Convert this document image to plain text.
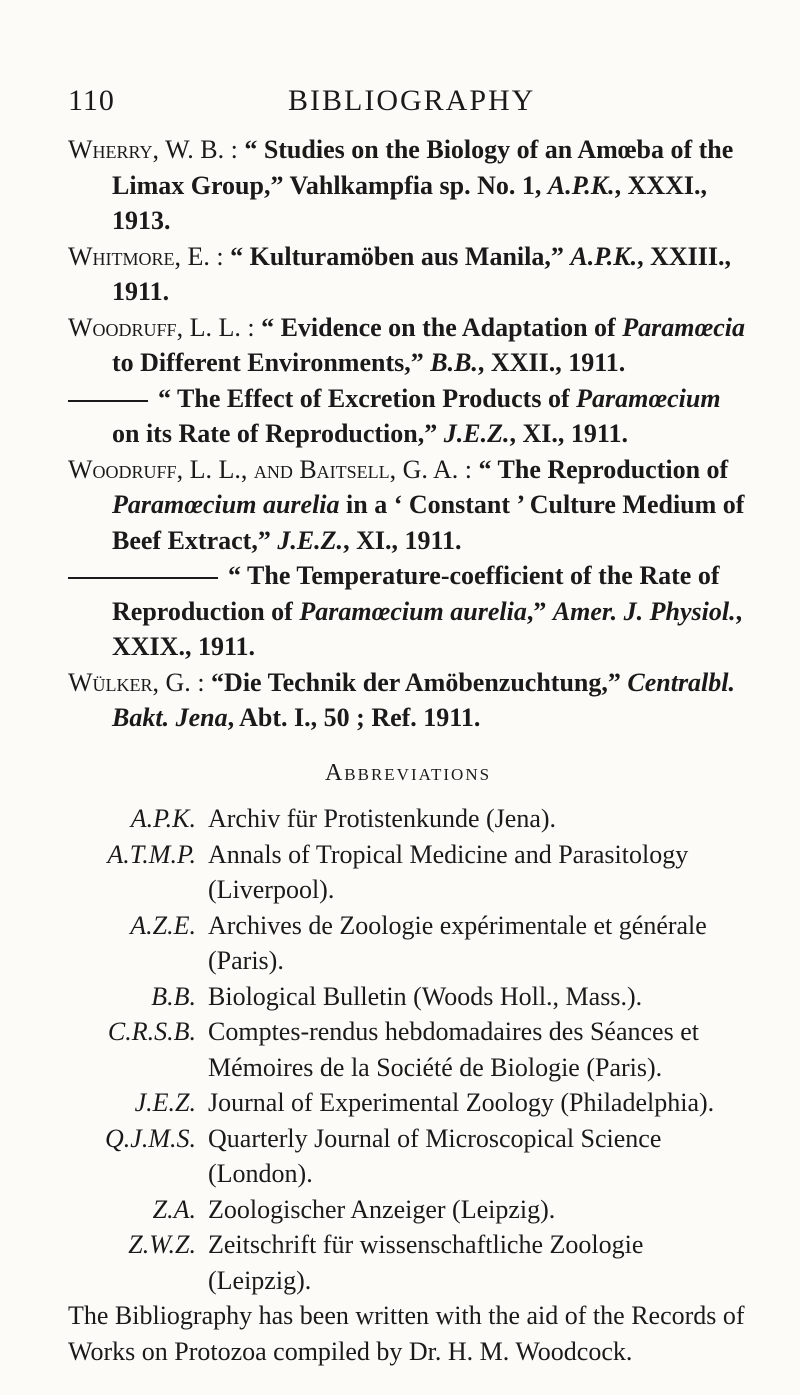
110	BIBLIOGRAPHY

Wherry, W. B. : “ Studies on the Biology of an Amœba of the Limax Group,” Vahlkampfia sp. No. 1, A.P.K., XXXI., 1913.

Whitmore, E. : “ Kulturamöben aus Manila,” A.P.K., XXIII., 1911.

Woodruff, L. L. : “ Evidence on the Adaptation of Paramœcia to Different Environments,” B.B., XXII., 1911.

“ The Effect of Excretion Products of Paramœcium on its Rate of Reproduction,” J.E.Z., XI., 1911.

Woodruff, L. L., and Baitsell, G. A. : “ The Reproduction of Paramœcium aurelia in a ‘ Constant ’ Culture Medium of Beef Extract,” J.E.Z., XI., 1911.

“ The Temperature-coefficient of the Rate of Reproduction of Paramœcium aurelia,” Amer. J. Physiol., XXIX., 1911.

Wülker, G. : “Die Technik der Amöbenzuchtung,” Centralbl. Bakt. Jena, Abt. I., 50 ; Ref. 1911.

Abbreviations
A.P.K. Archiv für Protistenkunde (Jena).
A.T.M.P. Annals of Tropical Medicine and Parasitology (Liverpool).
A.Z.E. Archives de Zoologie expérimentale et générale (Paris).
B.B. Biological Bulletin (Woods Holl., Mass.).
C.R.S.B. Comptes-rendus hebdomadaires des Séances et Mémoires de la Société de Biologie (Paris).
J.E.Z. Journal of Experimental Zoology (Philadelphia).
Q.J.M.S. Quarterly Journal of Microscopical Science (London).
Z.A. Zoologischer Anzeiger (Leipzig).
Z.W.Z. Zeitschrift für wissenschaftliche Zoologie (Leipzig).

The Bibliography has been written with the aid of the Records of Works on Protozoa compiled by Dr. H. M. Woodcock.
